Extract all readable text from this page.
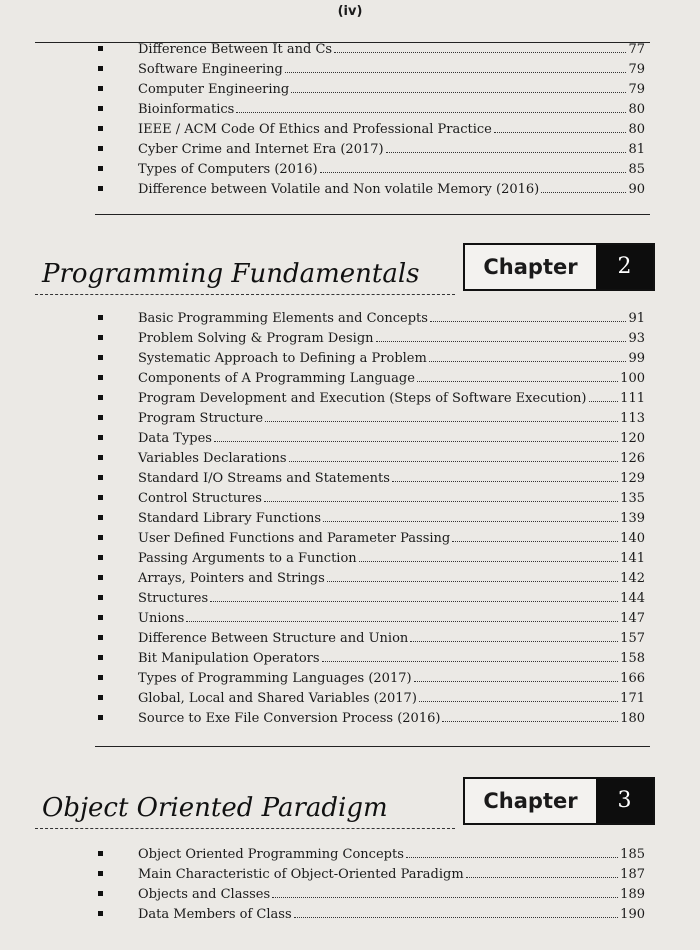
(iv)
Difference Between It and Cs	77
Software Engineering	79
Computer Engineering	79
Bioinformatics	80
IEEE / ACM Code Of Ethics and Professional Practice	80
Cyber Crime and Internet Era (2017)	81
Types of Computers (2016)	85
Difference between Volatile and Non volatile Memory (2016)	90
Programming Fundamentals	Chapter	2
Basic Programming Elements and Concepts	91
Problem Solving & Program Design	93
Systematic Approach to Defining a Problem	99
Components of A Programming Language	100
Program Development and Execution (Steps of Software Execution)	111
Program Structure	113
Data Types	120
Variables Declarations	126
Standard I/O Streams and Statements	129
Control Structures	135
Standard Library Functions	139
User Defined Functions and Parameter Passing	140
Passing Arguments to a Function	141
Arrays, Pointers and Strings	142
Structures	144
Unions	147
Difference Between Structure and Union	157
Bit Manipulation Operators	158
Types of Programming Languages (2017)	166
Global, Local and Shared Variables (2017)	171
Source to Exe File Conversion Process (2016)	180
Object Oriented Paradigm	Chapter	3
Object Oriented Programming Concepts	185
Main Characteristic of Object-Oriented Paradigm	187
Objects and Classes	189
Data Members of Class	190
